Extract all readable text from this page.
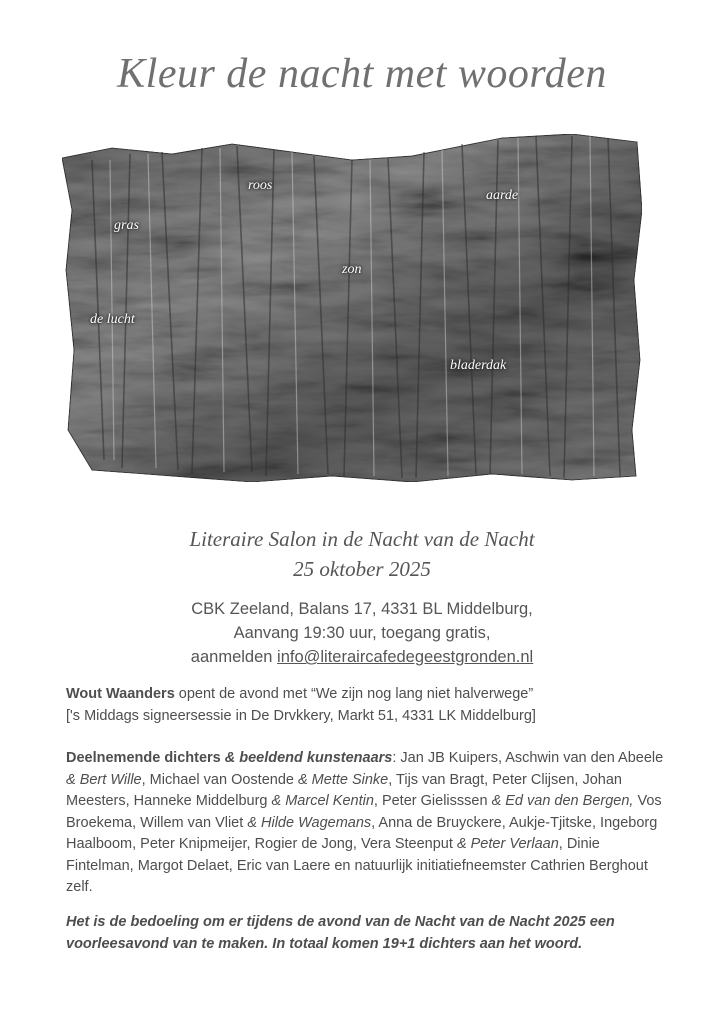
Kleur de nacht met woorden
roos
aarde
gras
zon
de lucht
bladerdak

Literaire Salon in de Nacht van de Nacht

25 oktober 2025

CBK Zeeland, Balans 17, 4331 BL Middelburg,
Aanvang 19:30 uur, toegang gratis,
aanmelden info@literaircafedegeestgronden.nl
Wout Waanders opent de avond met “We zijn nog lang niet halverwege”
['s Middags signeersessie in De Drvkkery, Markt 51, 4331 LK Middelburg]
Deelnemende dichters & beeldend kunstenaars: Jan JB Kuipers, Aschwin van den Abeele & Bert Wille, Michael van Oostende & Mette Sinke, Tijs van Bragt, Peter Clijsen, Johan Meesters, Hanneke Middelburg & Marcel Kentin, Peter Gielisssen & Ed van den Bergen, Vos Broekema, Willem van Vliet & Hilde Wagemans, Anna de Bruyckere, Aukje-Tjitske, Ingeborg Haalboom, Peter Knipmeijer, Rogier de Jong, Vera Steenput & Peter Verlaan, Dinie Fintelman, Margot Delaet, Eric van Laere en natuurlijk initiatiefneemster Cathrien Berghout zelf.
Het is de bedoeling om er tijdens de avond van de Nacht van de Nacht 2025 een voorleesavond van te maken. In totaal komen 19+1 dichters aan het woord.
